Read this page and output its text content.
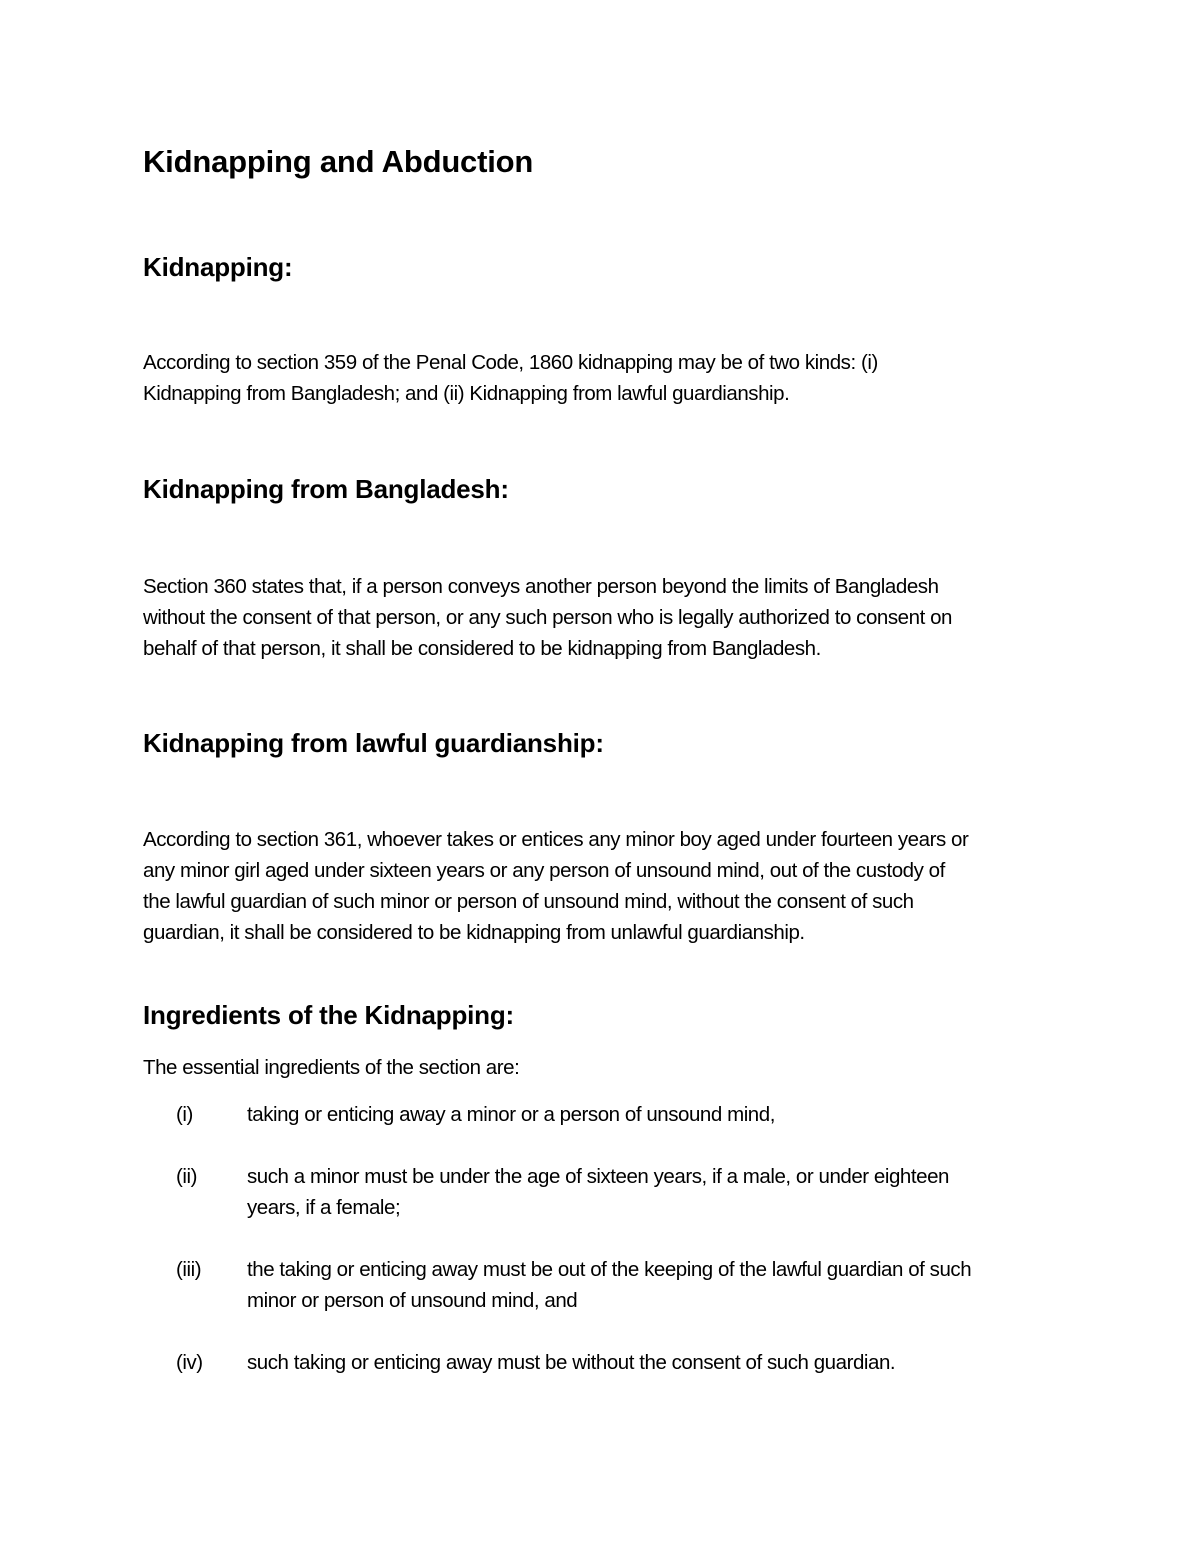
Kidnapping and Abduction
Kidnapping:

According to section 359 of the Penal Code, 1860 kidnapping may be of two kinds: (i)
Kidnapping from Bangladesh; and (ii) Kidnapping from lawful guardianship.

Kidnapping from Bangladesh:

Section 360 states that, if a person conveys another person beyond the limits of Bangladesh
without the consent of that person, or any such person who is legally authorized to consent on
behalf of that person, it shall be considered to be kidnapping from Bangladesh.

Kidnapping from lawful guardianship:

According to section 361, whoever takes or entices any minor boy aged under fourteen years or
any minor girl aged under sixteen years or any person of unsound mind, out of the custody of
the lawful guardian of such minor or person of unsound mind, without the consent of such
guardian, it shall be considered to be kidnapping from unlawful guardianship.

Ingredients of the Kidnapping:

The essential ingredients of the section are:

(i)	taking or enticing away a minor or a person of unsound mind,
(ii) such a minor must be under the age of sixteen years, if a male, or under eighteen
years, if a female;
(iii) the taking or enticing away must be out of the keeping of the lawful guardian of such
minor or person of unsound mind, and
(iv) such taking or enticing away must be without the consent of such guardian.
